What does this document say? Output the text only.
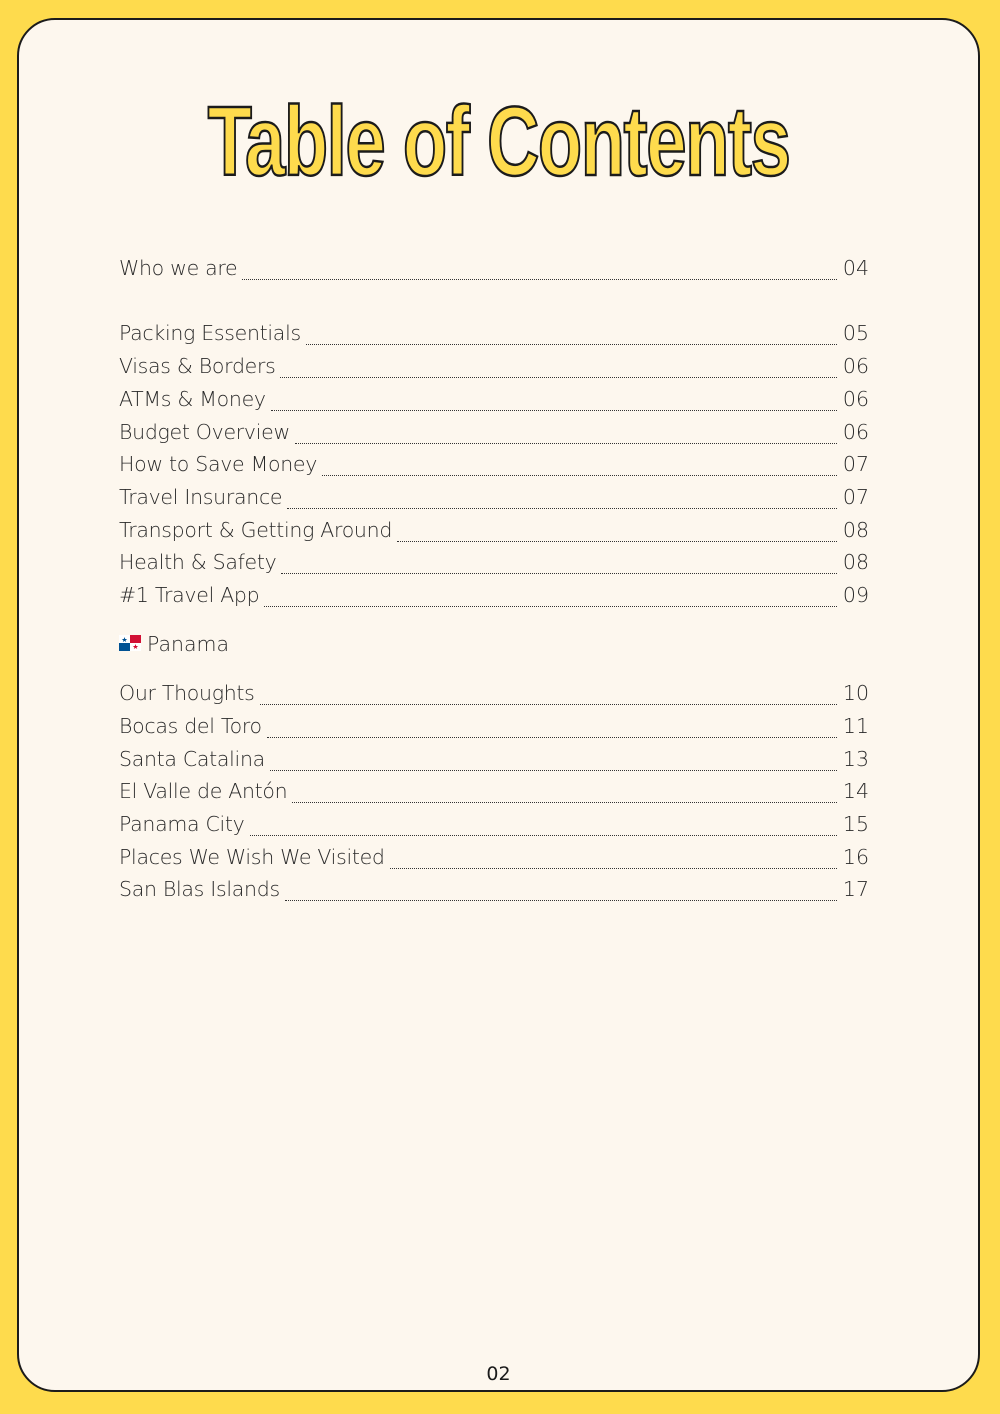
Table of Contents
Who we are	04
Packing Essentials	05
Visas & Borders	06
ATMs & Money	06
Budget Overview	06
How to Save Money	07
Travel Insurance	07
Transport & Getting Around	08
Health & Safety	08
#1 Travel App	09
Panama
Our Thoughts	10
Bocas del Toro	11
Santa Catalina	13
El Valle de Antón	14
Panama City	15
Places We Wish We Visited	16
San Blas Islands	17
02
